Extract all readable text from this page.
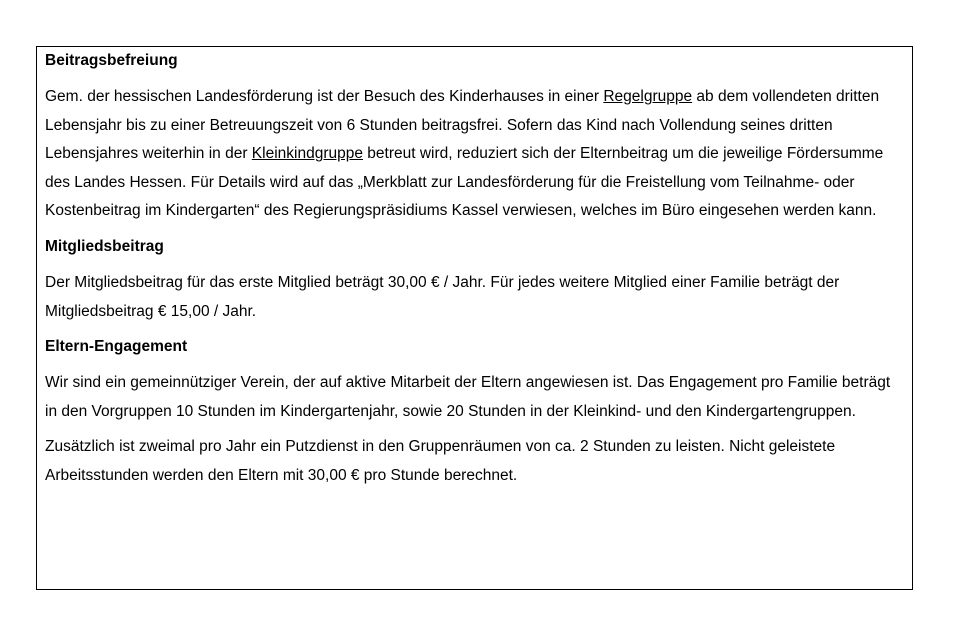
Beitragsbefreiung

Gem. der hessischen Landesförderung ist der Besuch des Kinderhauses in einer Regelgruppe ab dem vollendeten dritten Lebensjahr bis zu einer Betreuungszeit von 6 Stunden beitragsfrei. Sofern das Kind nach Vollendung seines dritten Lebensjahres weiterhin in der Kleinkindgruppe betreut wird, reduziert sich der Elternbeitrag um die jeweilige Fördersumme des Landes Hessen. Für Details wird auf das „Merkblatt zur Landesförderung für die Freistellung vom Teilnahme- oder Kostenbeitrag im Kindergarten“ des Regierungspräsidiums Kassel verwiesen, welches im Büro eingesehen werden kann.

Mitgliedsbeitrag

Der Mitgliedsbeitrag für das erste Mitglied beträgt 30,00 € / Jahr. Für jedes weitere Mitglied einer Familie beträgt der Mitgliedsbeitrag € 15,00 / Jahr.

Eltern-Engagement

Wir sind ein gemeinnütziger Verein, der auf aktive Mitarbeit der Eltern angewiesen ist. Das Engagement pro Familie beträgt in den Vorgruppen 10 Stunden im Kindergartenjahr, sowie 20 Stunden in der Kleinkind- und den Kindergartengruppen.

Zusätzlich ist zweimal pro Jahr ein Putzdienst in den Gruppenräumen von ca. 2 Stunden zu leisten. Nicht geleistete Arbeitsstunden werden den Eltern mit 30,00 € pro Stunde berechnet.
